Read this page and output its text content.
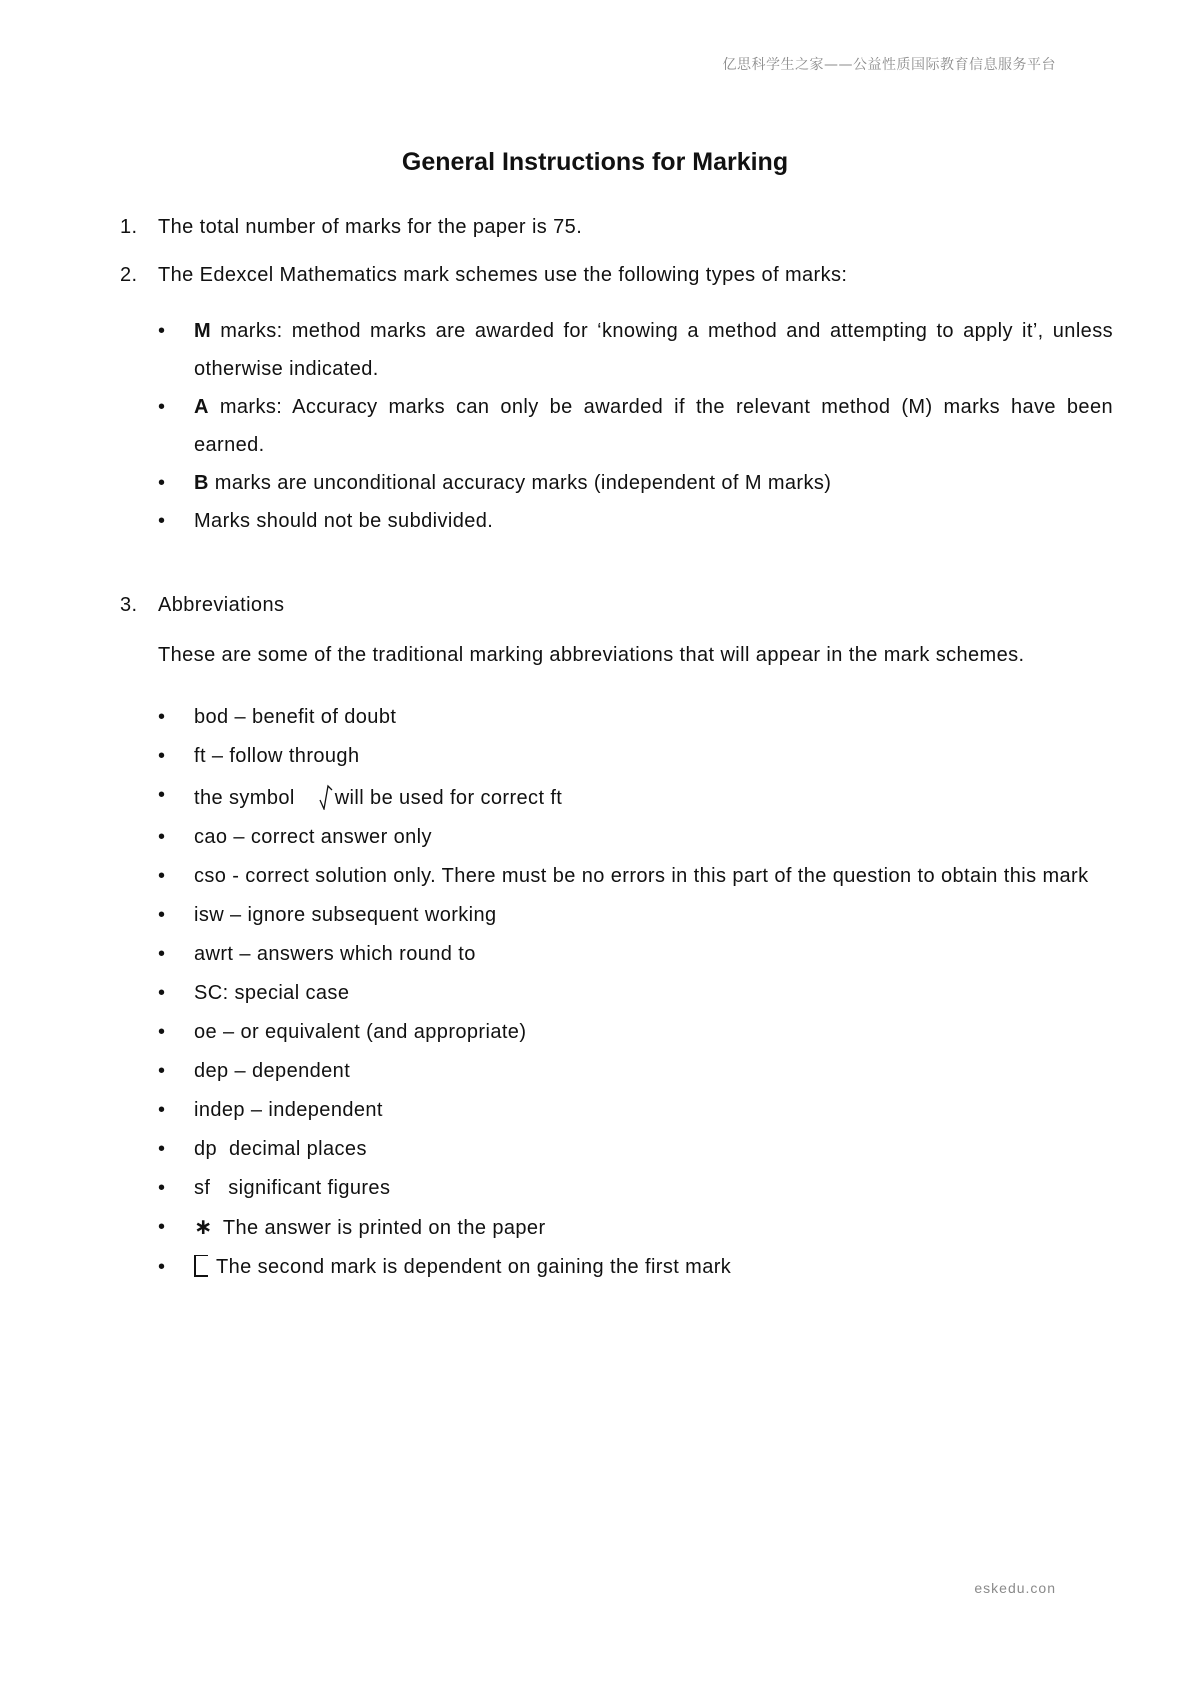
亿思科学生之家——公益性质国际教育信息服务平台
General Instructions for Marking
1. The total number of marks for the paper is 75.
2. The Edexcel Mathematics mark schemes use the following types of marks:
• M marks: method marks are awarded for ‘knowing a method and attempting to apply it’, unless otherwise indicated.
• A marks: Accuracy marks can only be awarded if the relevant method (M) marks have been earned.
• B marks are unconditional accuracy marks (independent of M marks)
• Marks should not be subdivided.
3. Abbreviations
These are some of the traditional marking abbreviations that will appear in the mark schemes.
• bod – benefit of doubt
• ft – follow through
• the symbol will be used for correct ft
• cao – correct answer only
• cso - correct solution only. There must be no errors in this part of the question to obtain this mark
• isw – ignore subsequent working
• awrt – answers which round to
• SC: special case
• oe – or equivalent (and appropriate)
• dep – dependent
• indep – independent
• dp  decimal places
• sf   significant figures
• ∗ The answer is printed on the paper
•	The second mark is dependent on gaining the first mark
eskedu.con
